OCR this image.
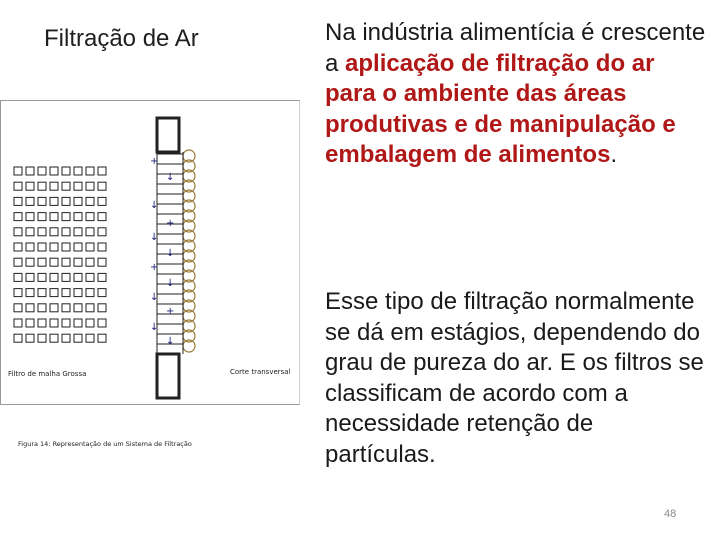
Filtração de Ar
+
↓
↓
+
↓
↓
+
↓
↓
+
↓
↓
Filtro de malha Grossa	Corte transversal
Figura 14: Representação de um Sistema de Filtração
Na indústria alimentícia é crescente a aplicação de filtração do ar para o ambiente das áreas produtivas e de manipulação e embalagem de alimentos.
Esse tipo de filtração normalmente se dá em estágios, dependendo do grau de pureza do ar. E os filtros se classificam de acordo com a necessidade retenção de partículas.
48
